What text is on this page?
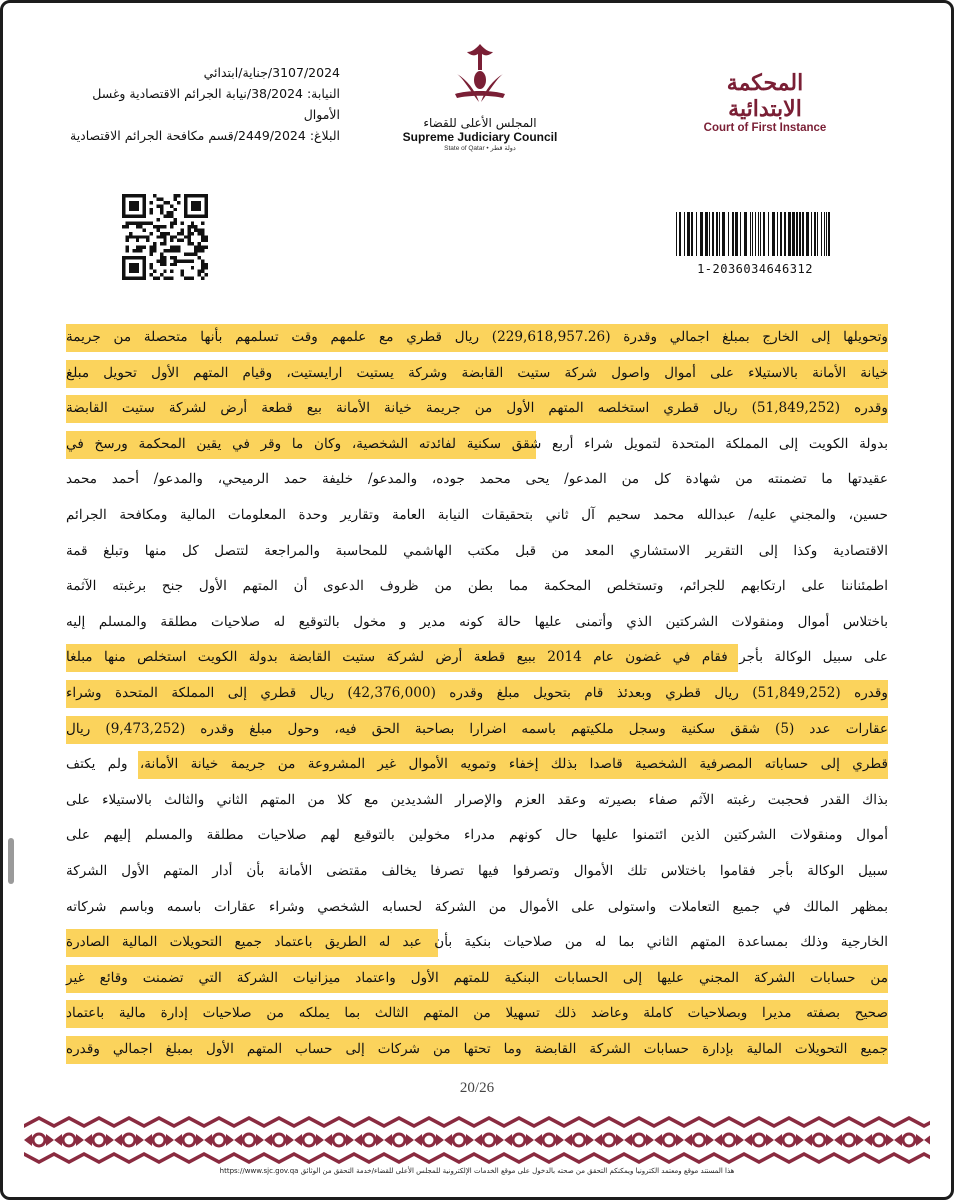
3107/2024/جناية/ابتدائي
النيابة: 38/2024/نيابة الجرائم الاقتصادية وغسل
الأموال
البلاغ: 2449/2024/قسم مكافحة الجرائم الاقتصادية
المجلس الأعلى للقضاء
Supreme Judiciary Council
State of Qatar • دولة قطر
المحكمة الابتدائية
Court of First Instance
1-2036034646312
وتحويلها إلى الخارج بمبلغ اجمالي وقدرة (229,618,957.26) ريال قطري مع علمهم وقت تسلمهم بأنها متحصلة من جريمة
خيانة الأمانة بالاستيلاء على أموال واصول شركة ستيت القابضة وشركة يستيت ارايستيت، وقيام المتهم الأول تحويل مبلغ
وقدره (51,849,252) ريال قطري استخلصه المتهم الأول من جريمة خيانة الأمانة بيع قطعة أرض لشركة ستيت القابضة
بدولة الكويت إلى المملكة المتحدة لتمويل شراء أربع شقق سكنية لفائدته الشخصية، وكان ما وقر في يقين المحكمة ورسخ في
عقيدتها ما تضمنته من شهادة كل من المدعو/ يحى محمد جوده، والمدعو/ خليفة حمد الرميحي، والمدعو/ أحمد محمد
حسين، والمجني عليه/ عبدالله محمد سحيم آل ثاني بتحقيقات النيابة العامة وتقارير وحدة المعلومات المالية ومكافحة الجرائم
الاقتصادية وكذا إلى التقرير الاستشاري المعد من قبل مكتب الهاشمي للمحاسبة والمراجعة لتتصل كل منها وتبلغ قمة
اطمئناننا على ارتكابهم للجرائم، وتستخلص المحكمة مما بطن من ظروف الدعوى أن المتهم الأول جنح برغبته الآثمة
باختلاس أموال ومنقولات الشركتين الذي وأتمنى عليها حالة كونه مدير و مخول بالتوقيع له صلاحيات مطلقة والمسلم إليه
على سبيل الوكالة بأجر فقام في غضون عام 2014 ببيع قطعة أرض لشركة ستيت القابضة بدولة الكويت استخلص منها مبلغا
وقدره (51,849,252) ريال قطري وبعدئذ قام بتحويل مبلغ وقدره (42,376,000) ريال قطري إلى المملكة المتحدة وشراء
عقارات عدد (5) شقق سكنية وسجل ملكيتهم باسمه اضرارا بصاحبة الحق فيه، وحول مبلغ وقدره (9,473,252) ريال
قطري إلى حساباته المصرفية الشخصية قاصدا بذلك إخفاء وتمويه الأموال غير المشروعة من جريمة خيانة الأمانة، ولم يكتف
بذاك القدر فحجبت رغبته الآثم صفاء بصيرته وعقد العزم والإصرار الشديدين مع كلا من المتهم الثاني والثالث بالاستيلاء على
أموال ومنقولات الشركتين الذين ائتمنوا عليها حال كونهم مدراء مخولين بالتوقيع لهم صلاحيات مطلقة والمسلم إليهم على
سبيل الوكالة بأجر فقاموا باختلاس تلك الأموال وتصرفوا فيها تصرفا يخالف مقتضى الأمانة بأن أدار المتهم الأول الشركة
بمظهر المالك في جميع التعاملات واستولى على الأموال من الشركة لحسابه الشخصي وشراء عقارات باسمه وباسم شركاته
الخارجية وذلك بمساعدة المتهم الثاني بما له من صلاحيات بنكية بأن عبد له الطريق باعتماد جميع التحويلات المالية الصادرة
من حسابات الشركة المجني عليها إلى الحسابات البنكية للمتهم الأول واعتماد ميزانيات الشركة التي تضمنت وقائع غير
صحيح بصفته مديرا وبصلاحيات كاملة وعاضد ذلك تسهيلا من المتهم الثالث بما يملكه من صلاحيات إدارة مالية باعتماد
جميع التحويلات المالية بإدارة حسابات الشركة القابضة وما تحتها من شركات إلى حساب المتهم الأول بمبلغ اجمالي وقدره
20/26
هذا المستند موقع ومعتمد الكترونيا ويمكنكم التحقق من صحته بالدخول على موقع الخدمات الإلكترونية للمجلس الأعلى للقضاء/خدمة التحقق من الوثائق https://www.sjc.gov.qa
